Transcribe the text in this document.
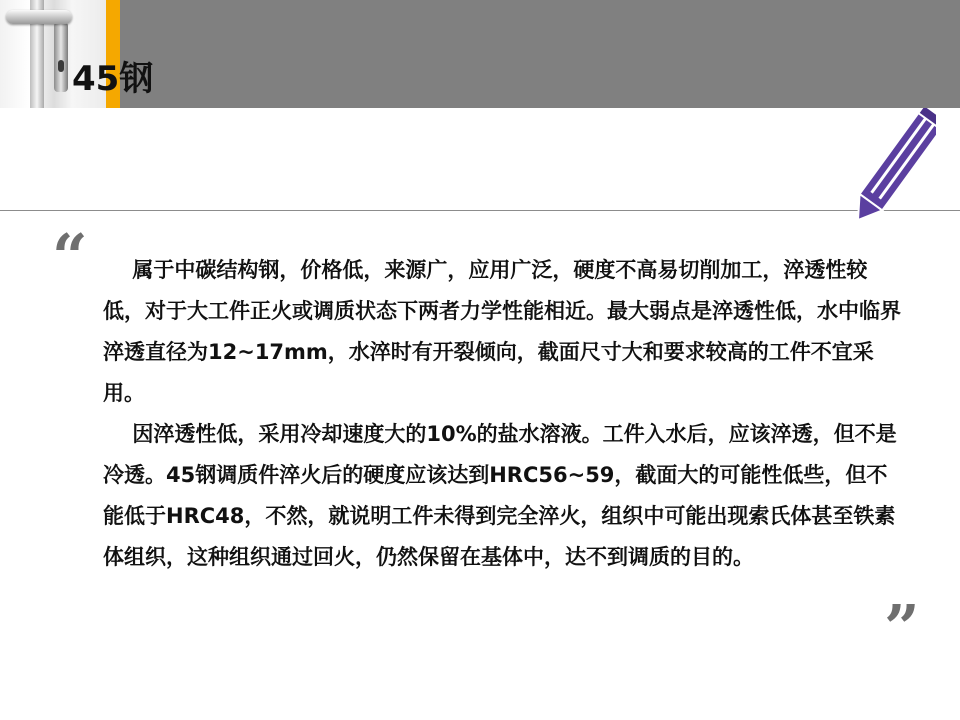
45钢
“	属于中碳结构钢，价格低，来源广，应用广泛，硬度不高易切削加工，淬透性较低，对于大工件正火或调质状态下两者力学性能相近。最大弱点是淬透性低，水中临界淬透直径为12~17mm，水淬时有开裂倾向，截面尺寸大和要求较高的工件不宜采用。

因淬透性低，采用冷却速度大的10%的盐水溶液。工件入水后，应该淬透，但不是冷透。45钢调质件淬火后的硬度应该达到HRC56~59，截面大的可能性低些，但不能低于HRC48，不然，就说明工件未得到完全淬火，组织中可能出现索氏体甚至铁素体组织，这种组织通过回火，仍然保留在基体中，达不到调质的目的。

”
